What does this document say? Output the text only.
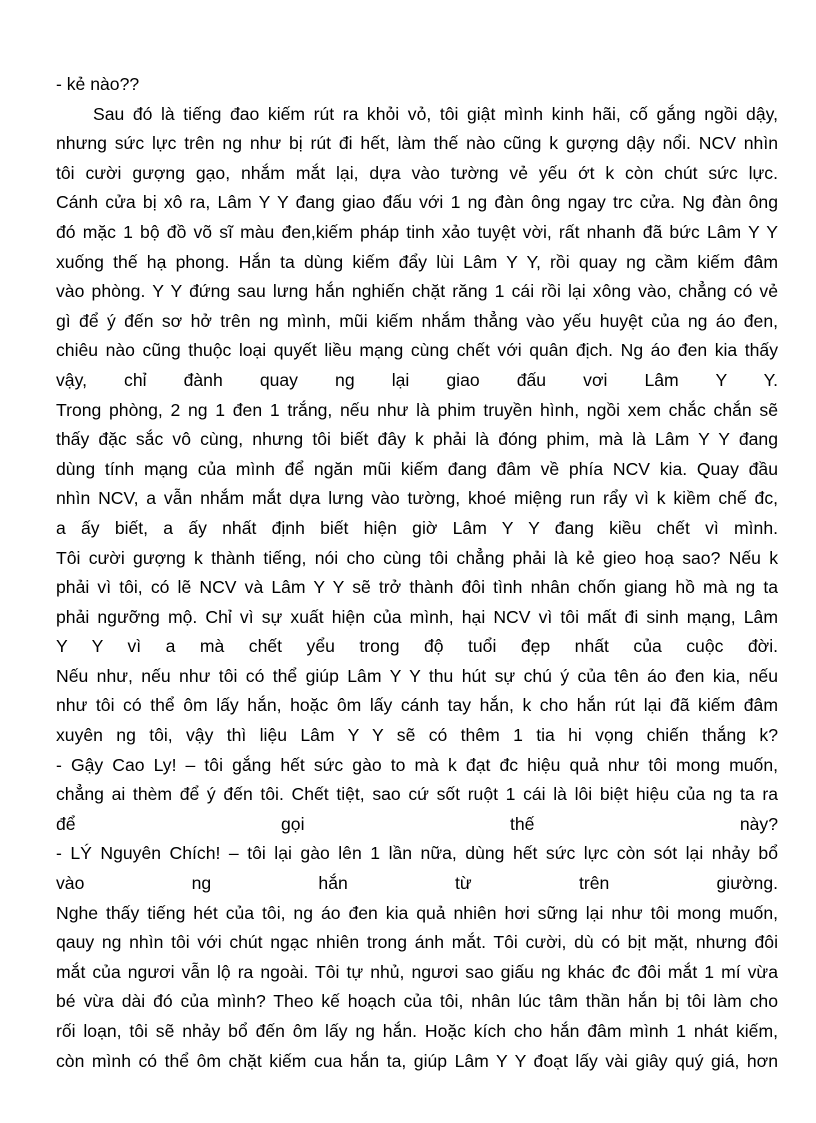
- kẻ nào??
Sau đó là tiếng đao kiếm rút ra khỏi vỏ, tôi giật mình kinh hãi, cố gắng ngồi dậy,
nhưng sức lực trên ng như bị rút đi hết, làm thế nào cũng k gượng dậy nổi. NCV nhìn
tôi cười gượng gạo, nhắm mắt lại, dựa vào tường vẻ yếu ớt k còn chút sức lực.
Cánh cửa bị xô ra, Lâm Y Y đang giao đấu với 1 ng đàn ông ngay trc cửa. Ng đàn ông
đó mặc 1 bộ đồ võ sĩ màu đen,kiếm pháp tinh xảo tuyệt vời, rất nhanh đã bức Lâm Y Y
xuống thế hạ phong. Hắn ta dùng kiếm đẩy lùi Lâm Y Y, rồi quay ng cầm kiếm đâm
vào phòng. Y Y đứng sau lưng hắn nghiến chặt răng 1 cái rồi lại xông vào, chẳng có vẻ
gì để ý đến sơ hở trên ng mình, mũi kiếm nhắm thẳng vào yếu huyệt của ng áo đen,
chiêu nào cũng thuộc loại quyết liều mạng cùng chết với quân địch. Ng áo đen kia thấy
vậy, chỉ đành quay ng lại giao đấu vơi Lâm Y Y.
Trong phòng, 2 ng 1 đen 1 trắng, nếu như là phim truyền hình, ngồi xem chắc chắn sẽ
thấy đặc sắc vô cùng, nhưng tôi biết đây k phải là đóng phim, mà là Lâm Y Y đang
dùng tính mạng của mình để ngăn mũi kiếm đang đâm về phía NCV kia. Quay đầu
nhìn NCV, a vẫn nhắm mắt dựa lưng vào tường, khoé miệng run rẩy vì k kiềm chế đc,
a ấy biết, a ấy nhất định biết hiện giờ Lâm Y Y đang kiều chết vì mình.
Tôi cười gượng k thành tiếng, nói cho cùng tôi chẳng phải là kẻ gieo hoạ sao? Nếu k
phải vì tôi, có lẽ NCV và Lâm Y Y sẽ trở thành đôi tình nhân chốn giang hồ mà ng ta
phải ngưỡng mộ. Chỉ vì sự xuất hiện của mình, hại NCV vì tôi mất đi sinh mạng, Lâm
Y Y vì a mà chết yểu trong độ tuổi đẹp nhất của cuộc đời.
Nếu như, nếu như tôi có thể giúp Lâm Y Y thu hút sự chú ý của tên áo đen kia, nếu
như tôi có thể ôm lấy hắn, hoặc ôm lấy cánh tay hắn, k cho hắn rút lại đã kiếm đâm
xuyên ng tôi, vậy thì liệu Lâm Y Y sẽ có thêm 1 tia hi vọng chiến thắng k?
- Gậy Cao Ly! – tôi gắng hết sức gào to mà k đạt đc hiệu quả như tôi mong muốn,
chẳng ai thèm để ý đến tôi. Chết tiệt, sao cứ sốt ruột 1 cái là lôi biệt hiệu của ng ta ra
để gọi thế này?
- LÝ Nguyên Chích! – tôi lại gào lên 1 lần nữa, dùng hết sức lực còn sót lại nhảy bổ
vào ng hắn từ trên giường.
Nghe thấy tiếng hét của tôi, ng áo đen kia quả nhiên hơi sững lại như tôi mong muốn,
qauy ng nhìn tôi với chút ngạc nhiên trong ánh mắt. Tôi cười, dù có bịt mặt, nhưng đôi
mắt của ngươi vẫn lộ ra ngoài. Tôi tự nhủ, ngươi sao giấu ng khác đc đôi mắt 1 mí vừa
bé vừa dài đó của mình? Theo kế hoạch của tôi, nhân lúc tâm thần hắn bị tôi làm cho
rối loạn, tôi sẽ nhảy bổ đến ôm lấy ng hắn. Hoặc kích cho hắn đâm mình 1 nhát kiếm,
còn mình có thể ôm chặt kiếm cua hắn ta, giúp Lâm Y Y đoạt lấy vài giây quý giá, hơn
